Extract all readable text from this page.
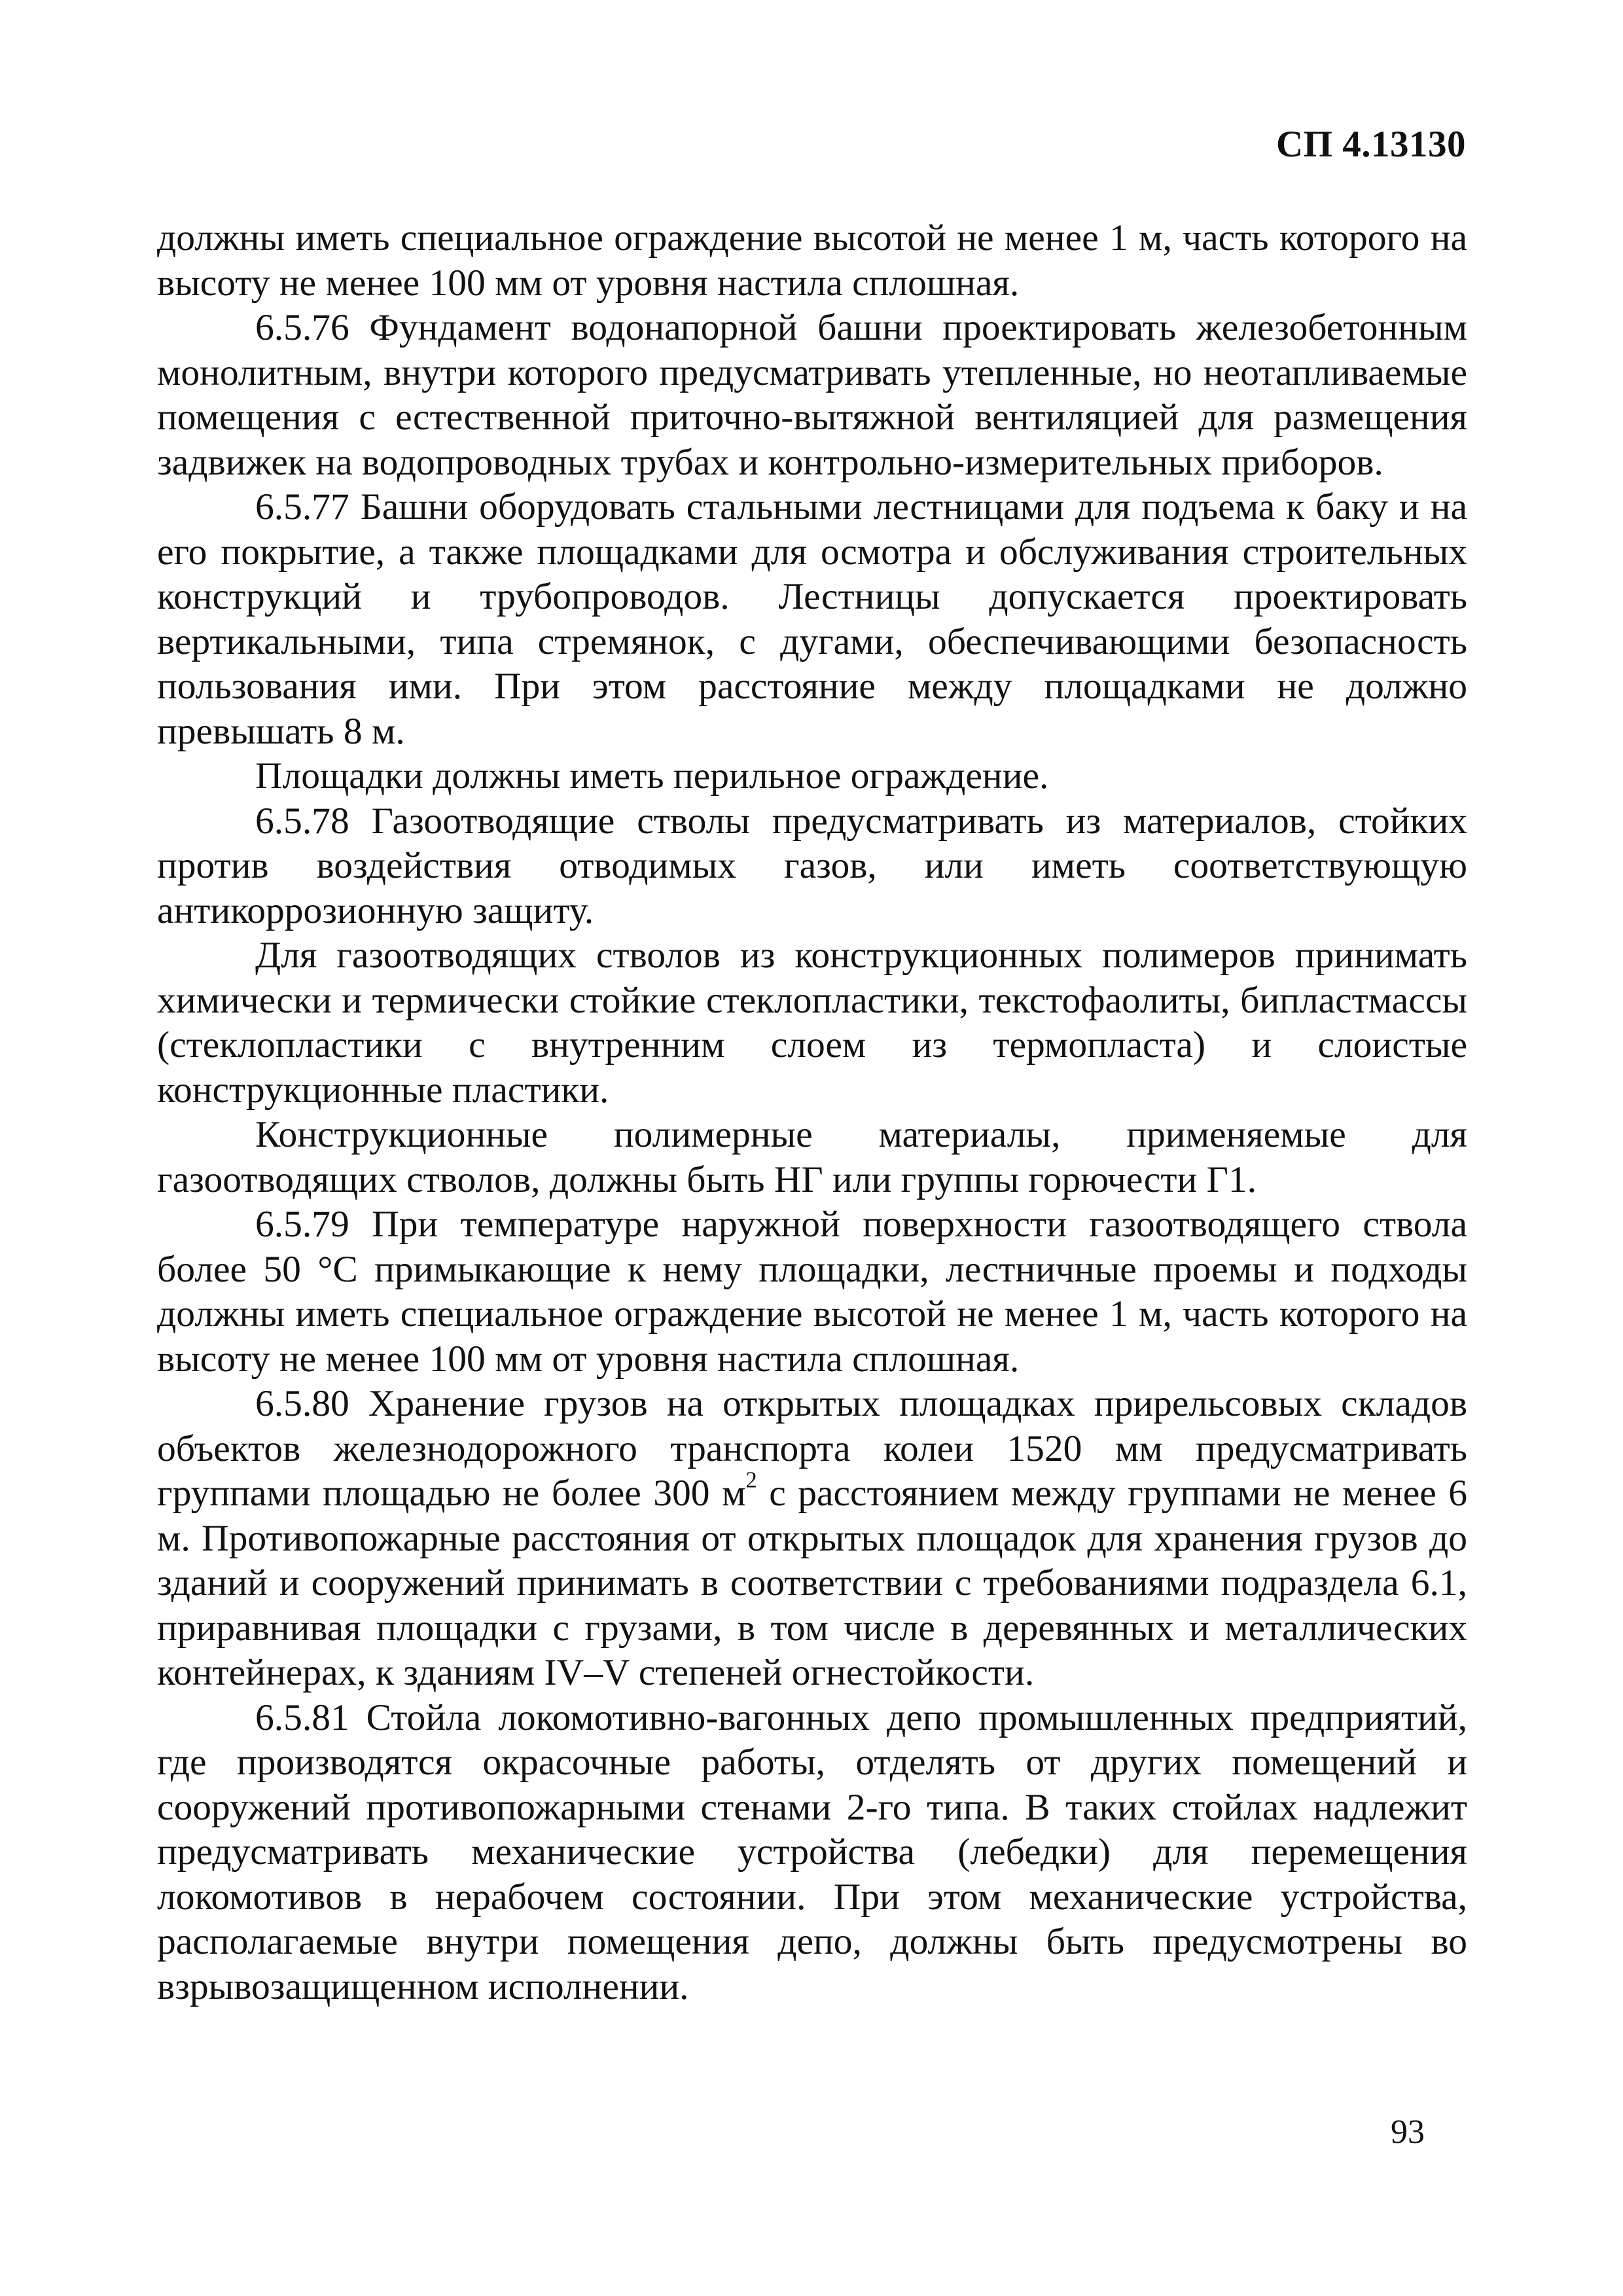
СП 4.13130

должны иметь специальное ограждение высотой не менее 1 м, часть которого на высоту не менее 100 мм от уровня настила сплошная.

6.5.76 Фундамент водонапорной башни проектировать железобетонным монолитным, внутри которого предусматривать утепленные, но неотапливаемые помещения с естественной приточно-вытяжной вентиляцией для размещения задвижек на водопроводных трубах и контрольно-измерительных приборов.

6.5.77 Башни оборудовать стальными лестницами для подъема к баку и на его покрытие, а также площадками для осмотра и обслуживания строительных конструкций и трубопроводов. Лестницы допускается проектировать вертикальными, типа стремянок, с дугами, обеспечивающими безопасность пользования ими. При этом расстояние между площадками не должно превышать 8 м.

Площадки должны иметь перильное ограждение.

6.5.78 Газоотводящие стволы предусматривать из материалов, стойких против воздействия отводимых газов, или иметь соответствующую антикоррозионную защиту.

Для газоотводящих стволов из конструкционных полимеров принимать химически и термически стойкие стеклопластики, текстофаолиты, бипластмассы (стеклопластики с внутренним слоем из термопласта) и слоистые конструкционные пластики.

Конструкционные полимерные материалы, применяемые для газоотводящих стволов, должны быть НГ или группы горючести Г1.

6.5.79 При температуре наружной поверхности газоотводящего ствола более 50 °С примыкающие к нему площадки, лестничные проемы и подходы должны иметь специальное ограждение высотой не менее 1 м, часть которого на высоту не менее 100 мм от уровня настила сплошная.

6.5.80 Хранение грузов на открытых площадках прирельсовых складов объектов железнодорожного транспорта колеи 1520 мм предусматривать группами площадью не более 300 $м^2$ с расстоянием между группами не менее 6 м. Противопожарные расстояния от открытых площадок для хранения грузов до зданий и сооружений принимать в соответствии с требованиями подраздела 6.1, приравнивая площадки с грузами, в том числе в деревянных и металлических контейнерах, к зданиям IV–V степеней огнестойкости.

6.5.81 Стойла локомотивно-вагонных депо промышленных предприятий, где производятся окрасочные работы, отделять от других помещений и сооружений противопожарными стенами 2-го типа. В таких стойлах надлежит предусматривать механические устройства (лебедки) для перемещения локомотивов в нерабочем состоянии. При этом механические устройства, располагаемые внутри помещения депо, должны быть предусмотрены во взрывозащищенном исполнении.

93
